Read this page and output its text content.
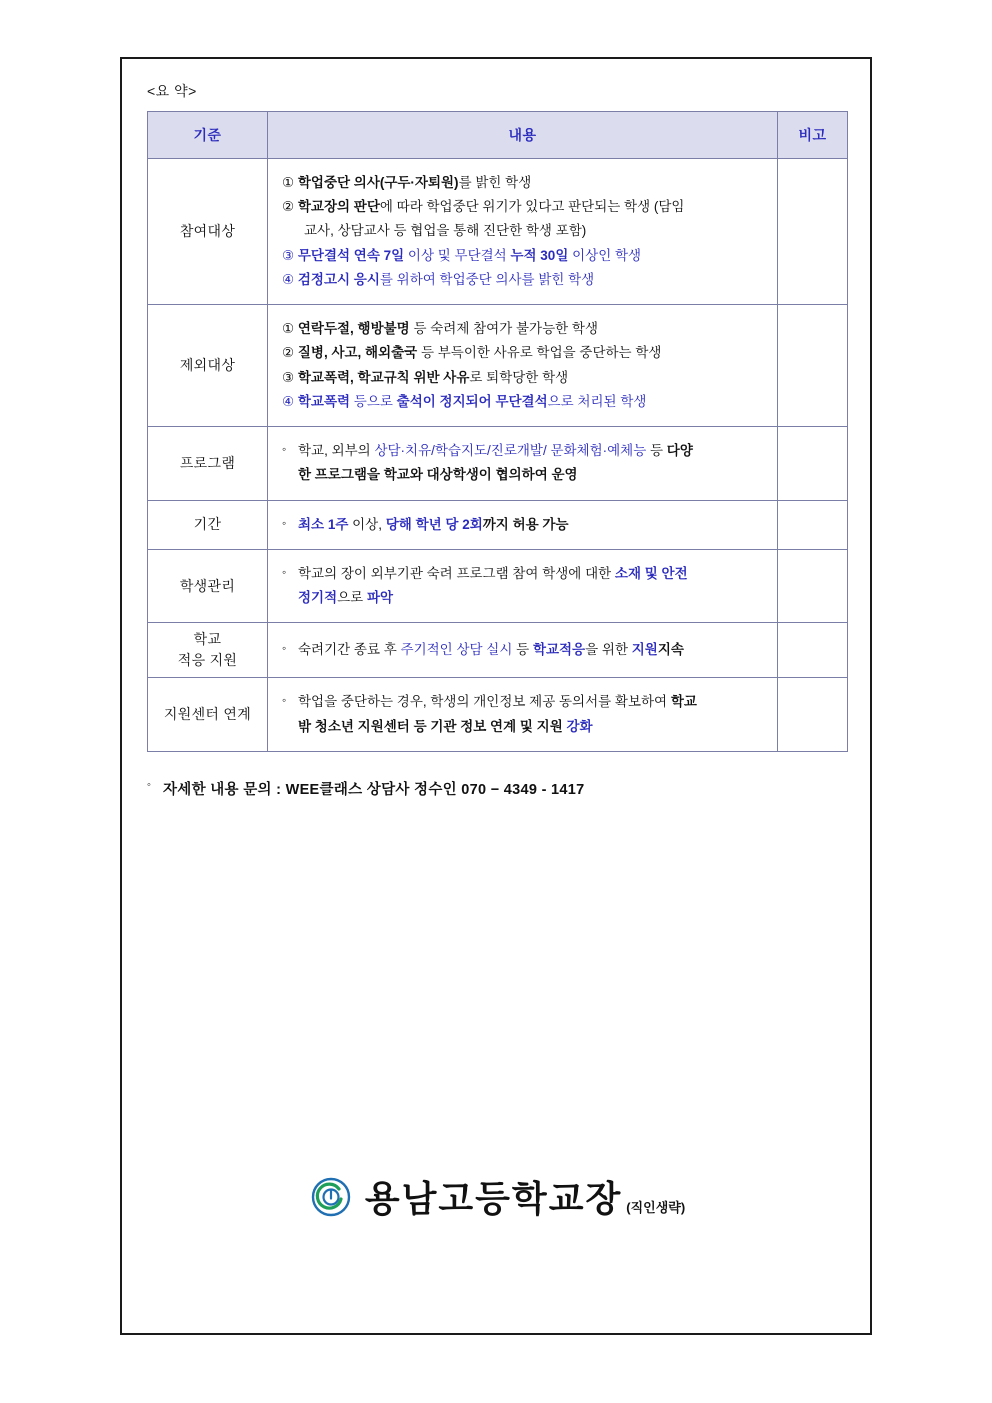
<요 약>
기준	내용	비고
참여대상	① 학업중단 의사(구두·자퇴원)를 밝힌 학생
② 학교장의 판단에 따라 학업중단 위기가 있다고 판단되는 학생 (담임
교사, 상담교사 등 협업을 통해 진단한 학생 포함)
③ 무단결석 연속 7일 이상 및 무단결석 누적 30일 이상인 학생
④ 검정고시 응시를 위하여 학업중단 의사를 밝힌 학생	

제외대상	① 연락두절, 행방불명 등 숙려제 참여가 불가능한 학생
② 질병, 사고, 해외출국 등 부득이한 사유로 학업을 중단하는 학생
③ 학교폭력, 학교규칙 위반 사유로 퇴학당한 학생
④ 학교폭력 등으로 출석이 정지되어 무단결석으로 처리된 학생	

프로그램	◦ 학교, 외부의 상담·치유/학습지도/진로개발/ 문화체험·예체능 등 다양
한 프로그램을 학교와 대상학생이 협의하여 운영	

기간	◦ 최소 1주 이상, 당해 학년 당 2회까지 허용 가능	

학생관리	◦ 학교의 장이 외부기관 숙려 프로그램 참여 학생에 대한 소재 및 안전
정기적으로 파악	

학교
적응 지원	◦ 숙려기간 종료 후 주기적인 상담 실시 등 학교적응을 위한 지원지속	

지원센터 연계	◦ 학업을 중단하는 경우, 학생의 개인정보 제공 동의서를 확보하여 학교
밖 청소년 지원센터 등 기관 정보 연계 및 지원 강화	

◦ 자세한 내용 문의 : WEE클래스 상담사 정수인 070 − 4349 - 1417
용남고등학교장 (직인생략)
